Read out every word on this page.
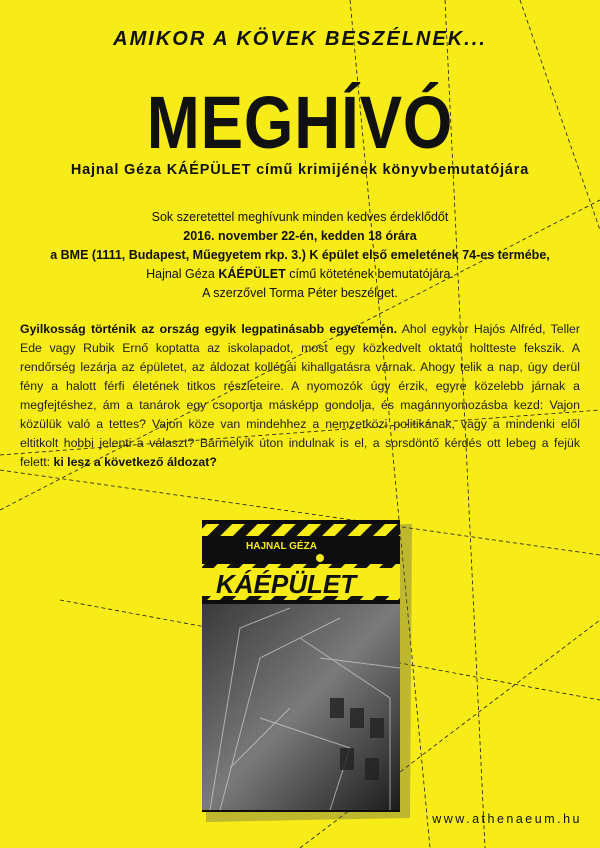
AMIKOR A KÖVEK BESZÉLNEK...
MEGHÍVÓ
Hajnal Géza KÁÉPÜLET című krimijének könyvbemutatójára
Sok szeretettel meghívunk minden kedves érdeklődőt
2016. november 22-én, kedden 18 órára
a BME (1111, Budapest, Műegyetem rkp. 3.) K épület első emeletének 74-es termébe,
Hajnal Géza KÁÉPÜLET című kötetének bemutatójára.
A szerzővel Torma Péter beszélget.
Gyilkosság történik az ország egyik legpatinásabb egyetemén. Ahol egykor Hajós Alfréd, Teller Ede vagy Rubik Ernő koptatta az iskolapadot, most egy közkedvelt oktató holtteste fekszik. A rendőrség lezárja az épületet, az áldozat kollégái kihallgatásra várnak. Ahogy telik a nap, úgy derül fény a halott férfi életének titkos részleteire. A nyomozók úgy érzik, egyre közelebb járnak a megfejtéshez, ám a tanárok egy csoportja másképp gondolja, és magánnyomozásba kezd: Vajon közülük való a tettes? Vajon köze van mindehhez a nemzetközi politikának, vagy a mindenki elől eltitkolt hobbi jelenti a választ? Bármelyik úton indulnak is el, a sorsdöntő kérdés ott lebeg a fejük felett: ki lesz a következő áldozat?
HAJNAL GÉZA
KÁÉPÜLET
www.athenaeum.hu
